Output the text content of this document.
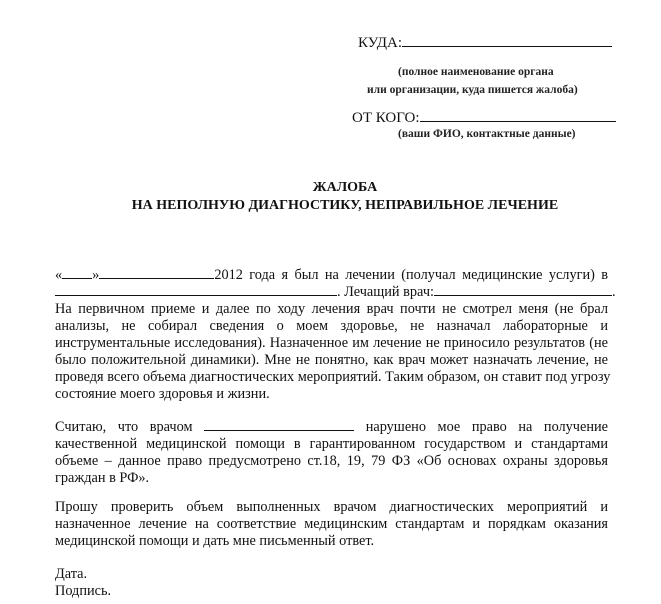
КУДА:
(полное наименование органа
или организации, куда пишется жалоба)
ОТ КОГО:
(ваши ФИО, контактные данные)
ЖАЛОБА
НА НЕПОЛНУЮ ДИАГНОСТИКУ, НЕПРАВИЛЬНОЕ ЛЕЧЕНИЕ
« »	2012 года я был на лечении (получал медицинские услуги) в
. Лечащий врач:	.
На первичном приеме и далее по ходу лечения врач почти не смотрел меня (не брал
анализы, не собирал сведения о моем здоровье, не назначал лабораторные и
инструментальные исследования). Назначенное им лечение не приносило результатов (не
было положительной динамики). Мне не понятно, как врач может назначать лечение, не
проведя всего объема диагностических мероприятий. Таким образом, он ставит под угрозу
состояние моего здоровья и жизни.
Считаю, что врачом	нарушено мое право на получение
качественной медицинской помощи в гарантированном государством и стандартами
объеме – данное право предусмотрено ст.18, 19, 79 ФЗ «Об основах охраны здоровья
граждан в РФ».
Прошу проверить объем выполненных врачом диагностических мероприятий и
назначенное лечение на соответствие медицинским стандартам и порядкам оказания
медицинской помощи и дать мне письменный ответ.
Дата.
Подпись.
